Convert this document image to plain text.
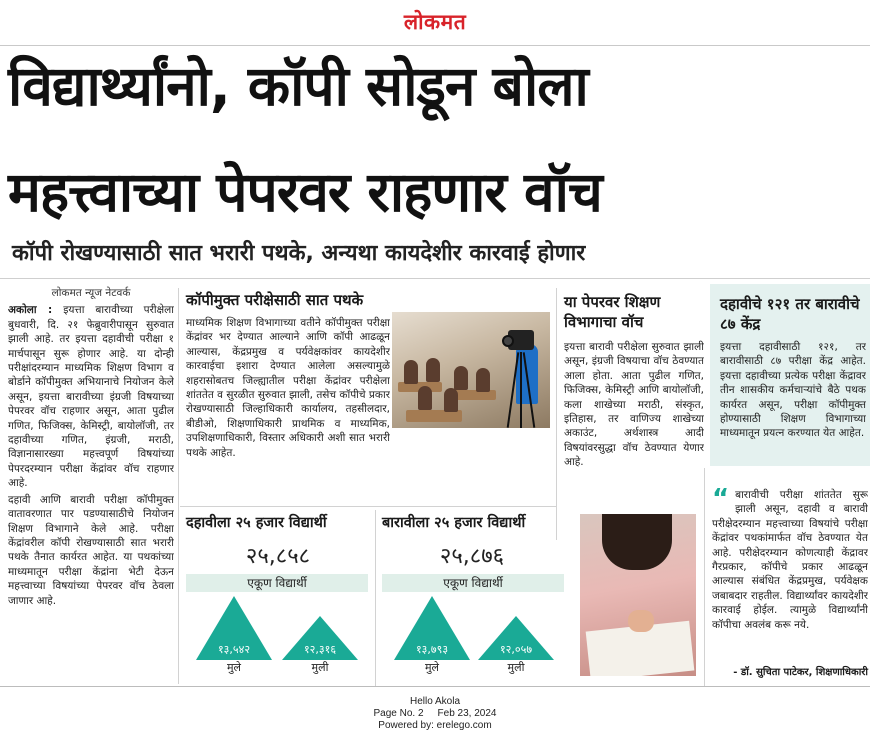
लोकमत
विद्यार्थ्यांनो, कॉपी सोडून बोला
महत्त्वाच्या पेपरवर राहणार वॉच
कॉपी रोखण्यासाठी सात भरारी पथके, अन्यथा कायदेशीर कारवाई होणार
लोकमत न्यूज नेटवर्क

अकोला : इयत्ता बारावीच्या परीक्षेला बुधवारी, दि. २१ फेब्रुवारीपासून सुरुवात झाली आहे. तर इयत्ता दहावीची परीक्षा १ मार्चपासून सुरू होणार आहे. या दोन्ही परीक्षांदरम्यान माध्यमिक शिक्षण विभाग व बोर्डाने कॉपीमुक्त अभियानाचे नियोजन केले असून, इयत्ता बारावीच्या इंग्रजी विषयाच्या पेपरवर वॉच राहणार असून, आता पुढील गणित, फिजिक्स, केमिस्ट्री, बायोलॉजी, तर दहावीच्या गणित, इंग्रजी, मराठी, विज्ञानासारख्या महत्त्वपूर्ण विषयांच्या पेपरदरम्यान परीक्षा केंद्रांवर वॉच राहणार आहे.

दहावी आणि बारावी परीक्षा कॉपीमुक्त वातावरणात पार पडण्यासाठीचे नियोजन शिक्षण विभागाने केले आहे. परीक्षा केंद्रांवरील कॉपी रोखण्यासाठी सात भरारी पथके तैनात कार्यरत आहेत. या पथकांच्या माध्यमातून परीक्षा केंद्रांना भेटी देऊन महत्त्वाच्या विषयांच्या पेपरवर वॉच ठेवला जाणार आहे.

कॉपीमुक्त परीक्षेसाठी सात पथके
माध्यमिक शिक्षण विभागाच्या वतीने कॉपीमुक्त परीक्षा केंद्रांवर भर देण्यात आल्याने आणि कॉपी आढळून आल्यास, केंद्रप्रमुख व पर्यवेक्षकांवर कायदेशीर कारवाईचा इशारा देण्यात आलेला असल्यामुळे शहरासोबतच जिल्ह्यातील परीक्षा केंद्रांवर परीक्षेला शांततेत व सुरळीत सुरुवात झाली, तसेच कॉपीचे प्रकार रोखण्यासाठी जिल्हाधिकारी कार्यालय, तहसीलदार, बीडीओ, शिक्षणाधिकारी प्राथमिक व माध्यमिक, उपशिक्षणाधिकारी, विस्तार अधिकारी अशी सात भरारी पथके आहेत.
या पेपरवर शिक्षण विभागाचा वॉच
इयत्ता बारावी परीक्षेला सुरुवात झाली असून, इंग्रजी विषयाचा वॉच ठेवण्यात आला होता. आता पुढील गणित, फिजिक्स, केमिस्ट्री आणि बायोलॉजी, कला शाखेच्या मराठी, संस्कृत, इतिहास, तर वाणिज्य शाखेच्या अकाउंट, अर्थशास्त्र आदी विषयांवरसुद्धा वॉच ठेवण्यात येणार आहे.
दहावीचे १२१ तर बारावीचे ८७ केंद्र
इयत्ता दहावीसाठी १२१, तर बारावीसाठी ८७ परीक्षा केंद्र आहेत. इयत्ता दहावीच्या प्रत्येक परीक्षा केंद्रावर तीन शासकीय कर्मचाऱ्यांचे बैठे पथक कार्यरत असून, परीक्षा कॉपीमुक्त होण्यासाठी शिक्षण विभागाच्या माध्यमातून प्रयत्न करण्यात येत आहेत.
दहावीला २५ हजार विद्यार्थी	बारावीला २५ हजार विद्यार्थी
२५,८५८	२५,८७६
एकूण विद्यार्थी	एकूण विद्यार्थी
१३,५४२	१२,३१६	१३,७९३	१२,०५७
मुले	मुली	मुले	मुली
“ बारावीची परीक्षा शांततेत सुरू झाली असून, दहावी व बारावी परीक्षेदरम्यान महत्त्वाच्या विषयांचे परीक्षा केंद्रांवर पथकांमार्फत वॉच ठेवण्यात येत आहे. परीक्षेदरम्यान कोणत्याही केंद्रावर गैरप्रकार, कॉपीचे प्रकार आढळून आल्यास संबंधित केंद्रप्रमुख, पर्यवेक्षक जबाबदार राहतील. विद्यार्थ्यांवर कायदेशीर कारवाई होईल. त्यामुळे विद्यार्थ्यांनी कॉपीचा अवलंब करू नये.
- डॉ. सुचिता पाटेकर, शिक्षणाधिकारी
Hello Akola
Page No. 2 Feb 23, 2024
Powered by: erelego.com
